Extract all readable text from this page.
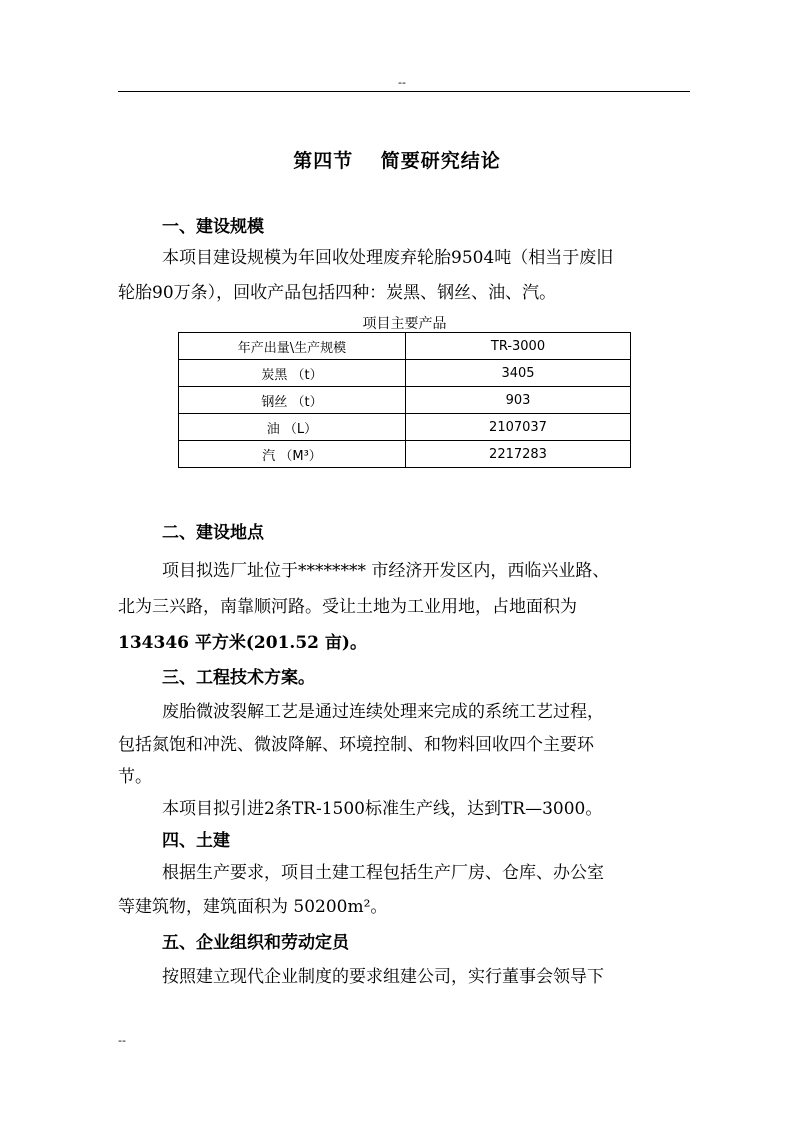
--
第四节　 简要研究结论
一、建设规模
本项目建设规模为年回收处理废弃轮胎9504吨（相当于废旧
轮胎90万条），回收产品包括四种：炭黑、钢丝、油、汽。
项目主要产品
年产出量\生产规模	TR-3000
炭黑 （t）	3405
钢丝 （t）	903
油 （L）	2107037
汽 （M³）	2217283
二、建设地点
项目拟选厂址位于******** 市经济开发区内，西临兴业路、
北为三兴路，南靠顺河路。受让土地为工业用地，占地面积为
134346 平方米(201.52 亩)。
三、工程技术方案。
废胎微波裂解工艺是通过连续处理来完成的系统工艺过程，
包括氮饱和冲洗、微波降解、环境控制、和物料回收四个主要环
节。
本项目拟引进2条TR-1500标准生产线，达到TR—3000。
四、土建
根据生产要求，项目土建工程包括生产厂房、仓库、办公室
等建筑物，建筑面积为 50200m²。
五、企业组织和劳动定员
按照建立现代企业制度的要求组建公司，实行董事会领导下
--
